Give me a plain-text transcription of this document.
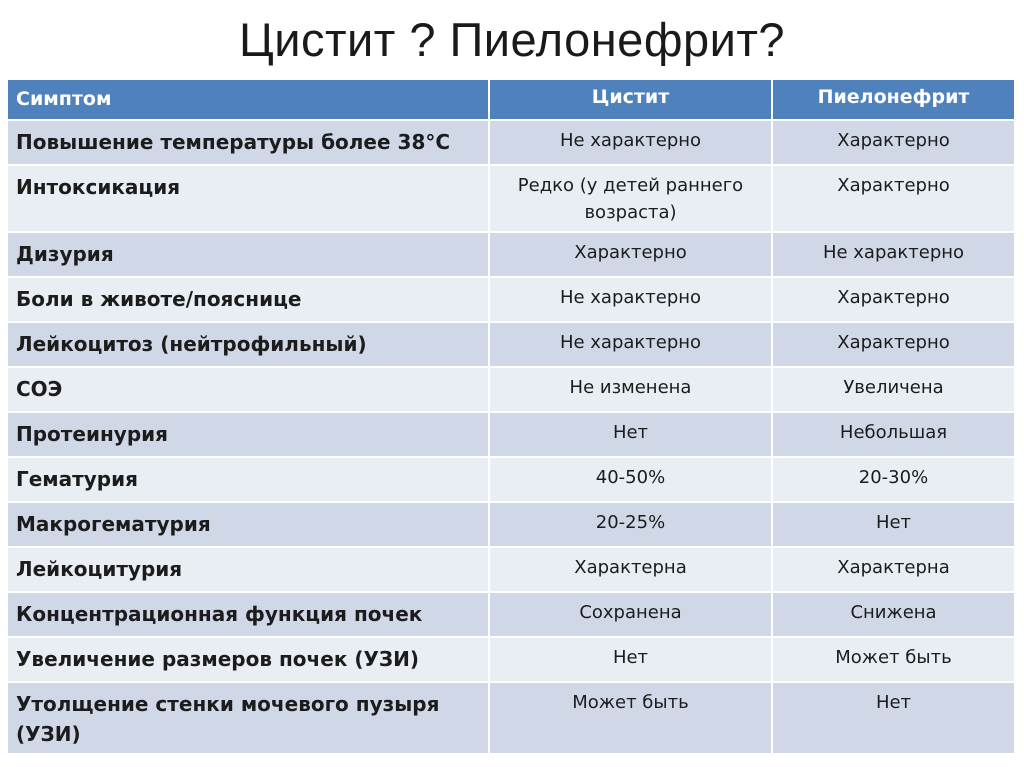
Цистит ? Пиелонефрит?
Симптом	Цистит	Пиелонефрит
Повышение температуры более 38°С	Не характерно	Характерно
Интоксикация	Редко (у детей раннего возраста)	Характерно
Дизурия	Характерно	Не характерно
Боли в животе/пояснице	Не характерно	Характерно
Лейкоцитоз (нейтрофильный)	Не характерно	Характерно
СОЭ	Не изменена	Увеличена
Протеинурия	Нет	Небольшая
Гематурия	40-50%	20-30%
Макрогематурия	20-25%	Нет
Лейкоцитурия	Характерна	Характерна
Концентрационная функция почек	Сохранена	Снижена
Увеличение размеров почек (УЗИ)	Нет	Может быть
Утолщение стенки мочевого пузыря (УЗИ)	Может быть	Нет
